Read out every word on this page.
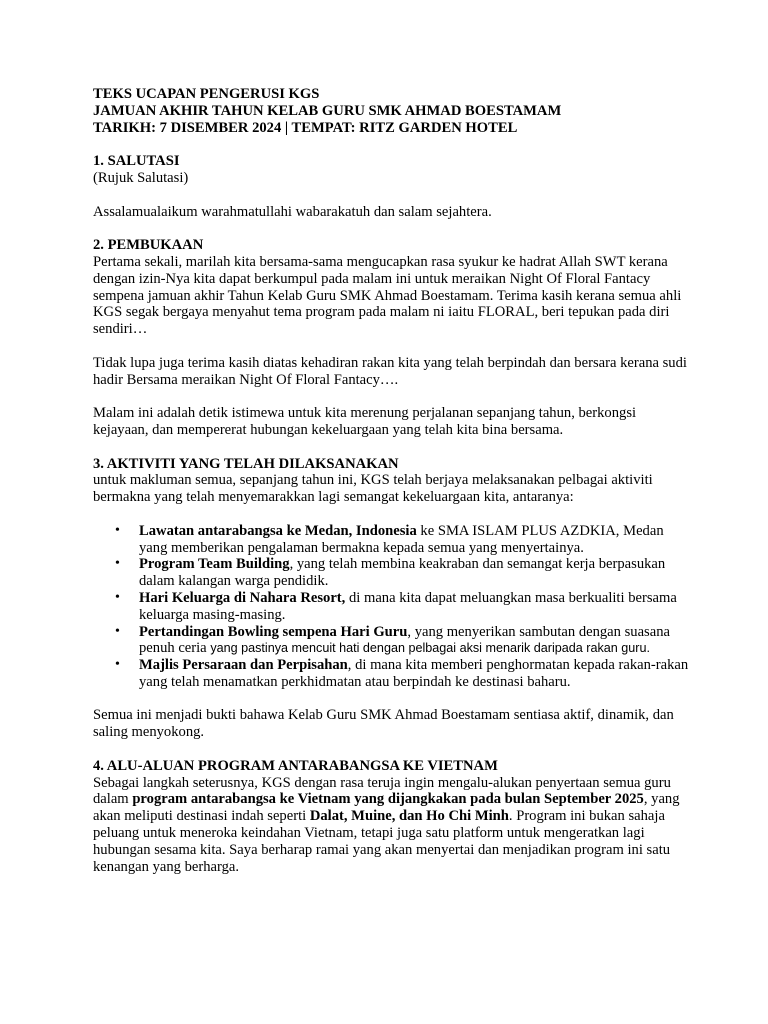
TEKS UCAPAN PENGERUSI KGS
JAMUAN AKHIR TAHUN KELAB GURU SMK AHMAD BOESTAMAM
TARIKH: 7 DISEMBER 2024 | TEMPAT: RITZ GARDEN HOTEL
1. SALUTASI

(Rujuk Salutasi)

Assalamualaikum warahmatullahi wabarakatuh dan salam sejahtera.

2. PEMBUKAAN

Pertama sekali, marilah kita bersama-sama mengucapkan rasa syukur ke hadrat Allah SWT kerana dengan izin-Nya kita dapat berkumpul pada malam ini untuk meraikan Night Of Floral Fantacy sempena jamuan akhir Tahun Kelab Guru SMK Ahmad Boestamam. Terima kasih kerana semua ahli KGS segak bergaya menyahut tema program pada malam ni iaitu FLORAL, beri tepukan pada diri sendiri…

Tidak lupa juga terima kasih diatas kehadiran rakan kita yang telah berpindah dan bersara kerana sudi hadir Bersama meraikan Night Of Floral Fantacy….

Malam ini adalah detik istimewa untuk kita merenung perjalanan sepanjang tahun, berkongsi kejayaan, dan mempererat hubungan kekeluargaan yang telah kita bina bersama.

3. AKTIVITI YANG TELAH DILAKSANAKAN

untuk makluman semua, sepanjang tahun ini, KGS telah berjaya melaksanakan pelbagai aktiviti bermakna yang telah menyemarakkan lagi semangat kekeluargaan kita, antaranya:

• Lawatan antarabangsa ke Medan, Indonesia ke SMA ISLAM PLUS AZDKIA, Medan yang memberikan pengalaman bermakna kepada semua yang menyertainya.
• Program Team Building, yang telah membina keakraban dan semangat kerja berpasukan dalam kalangan warga pendidik.
• Hari Keluarga di Nahara Resort, di mana kita dapat meluangkan masa berkualiti bersama keluarga masing-masing.
• Pertandingan Bowling sempena Hari Guru, yang menyerikan sambutan dengan suasana penuh ceria yang pastinya mencuit hati dengan pelbagai aksi menarik daripada rakan guru.
• Majlis Persaraan dan Perpisahan, di mana kita memberi penghormatan kepada rakan-rakan yang telah menamatkan perkhidmatan atau berpindah ke destinasi baharu.

Semua ini menjadi bukti bahawa Kelab Guru SMK Ahmad Boestamam sentiasa aktif, dinamik, dan saling menyokong.

4. ALU-ALUAN PROGRAM ANTARABANGSA KE VIETNAM

Sebagai langkah seterusnya, KGS dengan rasa teruja ingin mengalu-alukan penyertaan semua guru dalam program antarabangsa ke Vietnam yang dijangkakan pada bulan September 2025, yang akan meliputi destinasi indah seperti Dalat, Muine, dan Ho Chi Minh. Program ini bukan sahaja peluang untuk meneroka keindahan Vietnam, tetapi juga satu platform untuk mengeratkan lagi hubungan sesama kita. Saya berharap ramai yang akan menyertai dan menjadikan program ini satu kenangan yang berharga.
